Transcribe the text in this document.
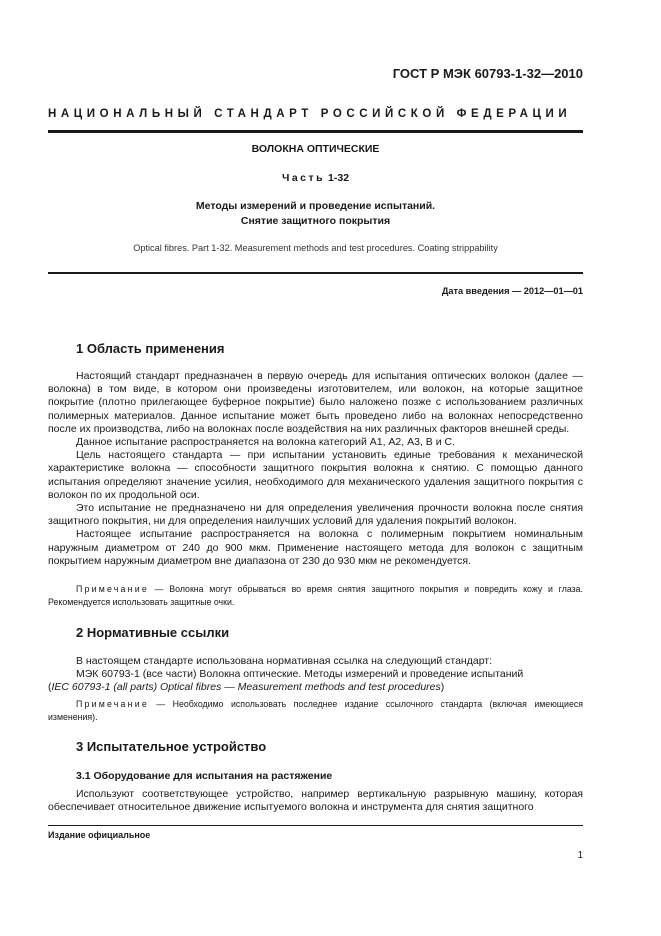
ГОСТ Р МЭК 60793-1-32—2010
НАЦИОНАЛЬНЫЙ СТАНДАРТ РОССИЙСКОЙ ФЕДЕРАЦИИ
ВОЛОКНА ОПТИЧЕСКИЕ
Часть 1-32
Методы измерений и проведение испытаний.
Снятие защитного покрытия
Optical fibres. Part 1-32. Measurement methods and test procedures. Coating strippability
Дата введения — 2012—01—01
1 Область применения

Настоящий стандарт предназначен в первую очередь для испытания оптических волокон (далее — волокна) в том виде, в котором они произведены изготовителем, или волокон, на которые защитное покрытие (плотно прилегающее буферное покрытие) было наложено позже с использованием различных полимерных материалов. Данное испытание может быть проведено либо на волокнах непосредственно после их производства, либо на волокнах после воздействия на них различных факторов внешней среды.

Данное испытание распространяется на волокна категорий А1, А2, А3, В и С.

Цель настоящего стандарта — при испытании установить единые требования к механической характеристике волокна — способности защитного покрытия волокна к снятию. С помощью данного испытания определяют значение усилия, необходимого для механического удаления защитного покрытия с волокон по их продольной оси.

Это испытание не предназначено ни для определения увеличения прочности волокна после снятия защитного покрытия, ни для определения наилучших условий для удаления покрытий волокон.

Настоящее испытание распространяется на волокна с полимерным покрытием номинальным наружным диаметром от 240 до 900 мкм. Применение настоящего метода для волокон с защитным покрытием наружным диаметром вне диапазона от 230 до 930 мкм не рекомендуется.

Примечание — Волокна могут обрываться во время снятия защитного покрытия и повредить кожу и глаза. Рекомендуется использовать защитные очки.

2 Нормативные ссылки

В настоящем стандарте использована нормативная ссылка на следующий стандарт:

МЭК 60793-1 (все части) Волокна оптические. Методы измерений и проведение испытаний

(IEC 60793-1 (all parts) Optical fibres — Measurement methods and test procedures)

Примечание — Необходимо использовать последнее издание ссылочного стандарта (включая имеющиеся изменения).

3 Испытательное устройство
3.1 Оборудование для испытания на растяжение

Используют соответствующее устройство, например вертикальную разрывную машину, которая обеспечивает относительное движение испытуемого волокна и инструмента для снятия защитного

Издание официальное
1
